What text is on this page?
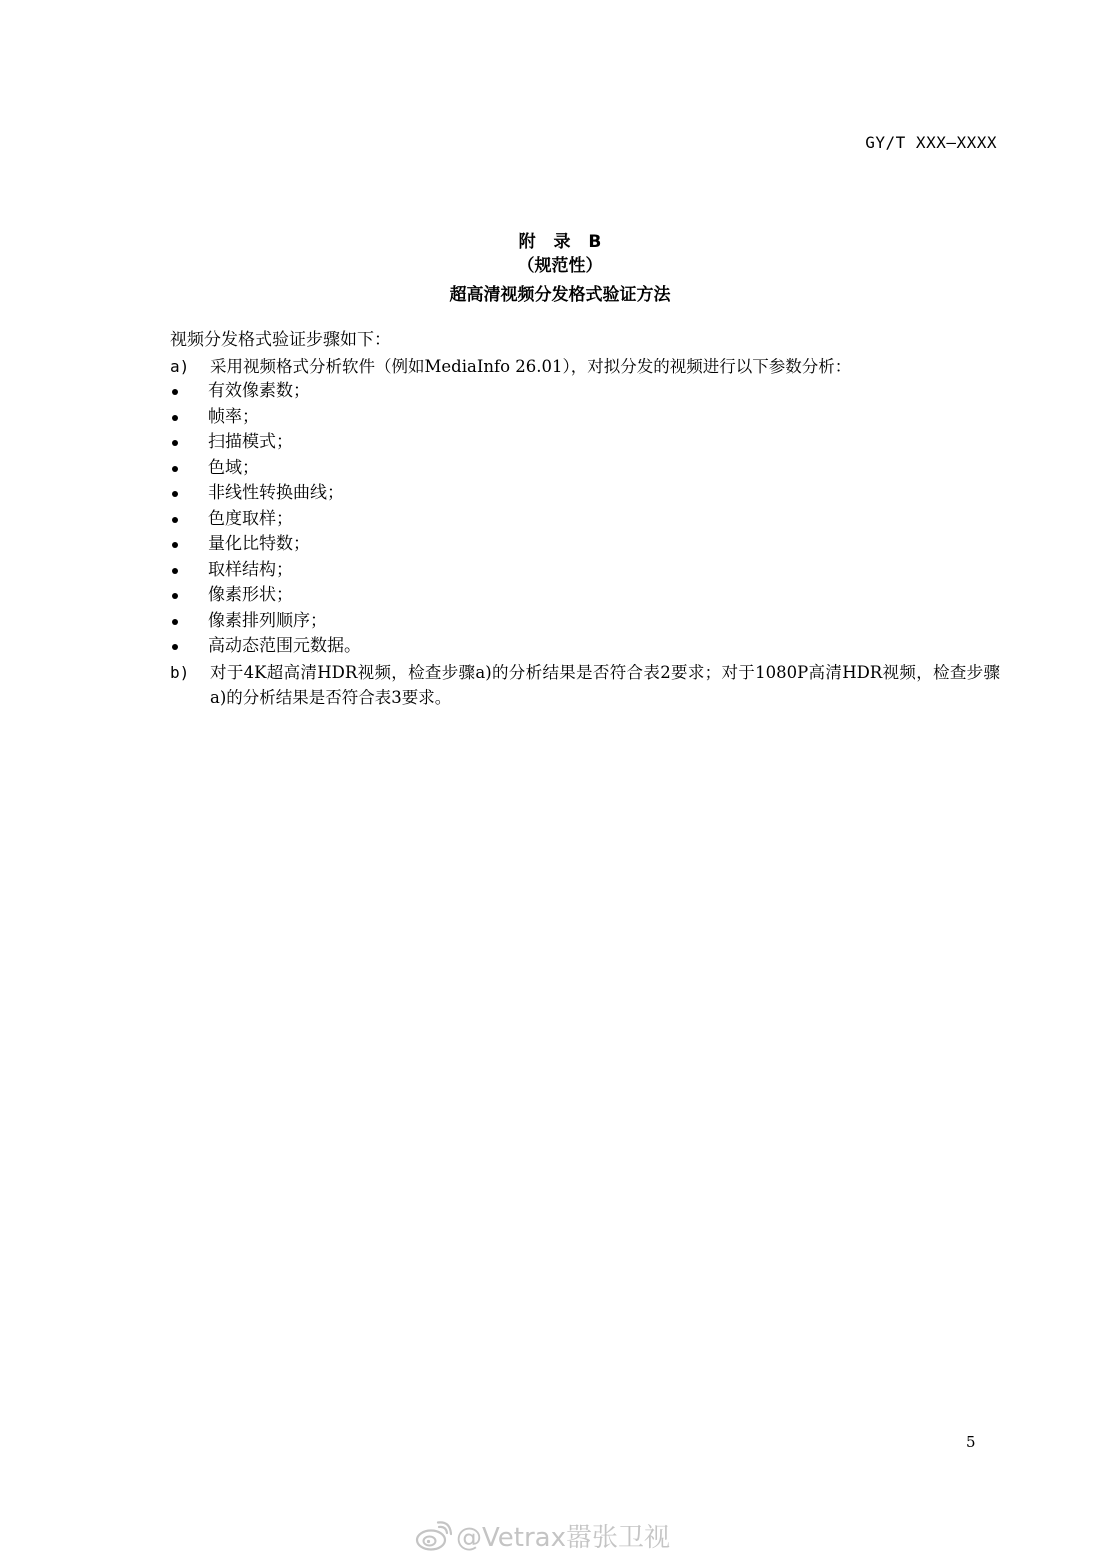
GY/T XXX—XXXX
附 录 B
（规范性）
超高清视频分发格式验证方法
视频分发格式验证步骤如下：
a) 采用视频格式分析软件（例如MediaInfo 26.01），对拟分发的视频进行以下参数分析：
有效像素数；
帧率；
扫描模式；
色域；
非线性转换曲线；
色度取样；
量化比特数；
取样结构；
像素形状；
像素排列顺序；
高动态范围元数据。
b) 对于4K超高清HDR视频，检查步骤a)的分析结果是否符合表2要求；对于1080P高清HDR视频，检查步骤a)的分析结果是否符合表3要求。
5
@Vetrax嚣张卫视
